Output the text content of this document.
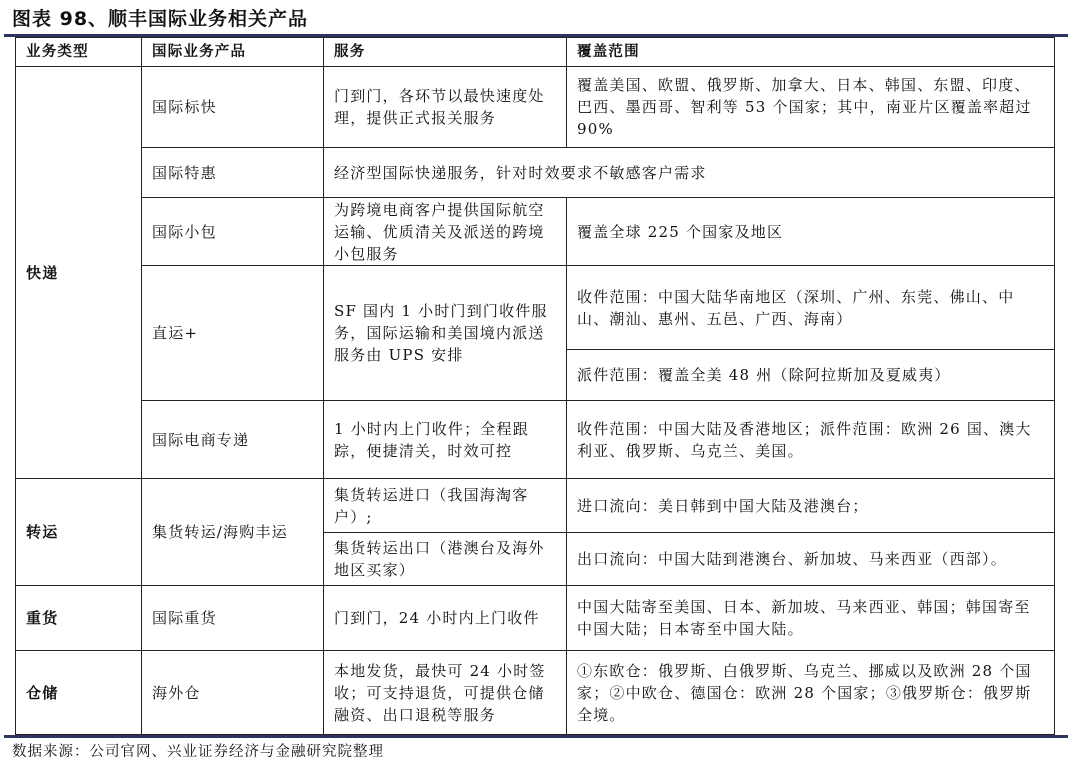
图表 98、顺丰国际业务相关产品
业务类型	国际业务产品	服务	覆盖范围
快递	国际标快	门到门，各环节以最快速度处理，提供正式报关服务	覆盖美国、欧盟、俄罗斯、加拿大、日本、韩国、东盟、印度、巴西、墨西哥、智利等 53 个国家；其中，南亚片区覆盖率超过 90%
	国际特惠	经济型国际快递服务，针对时效要求不敏感客户需求	
	国际小包	为跨境电商客户提供国际航空运输、优质清关及派送的跨境小包服务	覆盖全球 225 个国家及地区
	直运+	SF 国内 1 小时门到门收件服务，国际运输和美国境内派送服务由 UPS 安排	收件范围：中国大陆华南地区（深圳、广州、东莞、佛山、中山、潮汕、惠州、五邑、广西、海南）
			派件范围：覆盖全美 48 州（除阿拉斯加及夏威夷）
	国际电商专递	1 小时内上门收件；全程跟踪，便捷清关，时效可控	收件范围：中国大陆及香港地区；派件范围：欧洲 26 国、澳大利亚、俄罗斯、乌克兰、美国。
转运	集货转运/海购丰运	集货转运进口（我国海淘客户）;	进口流向：美日韩到中国大陆及港澳台；
		集货转运出口（港澳台及海外地区买家）	出口流向：中国大陆到港澳台、新加坡、马来西亚（西部）。
重货	国际重货	门到门，24 小时内上门收件	中国大陆寄至美国、日本、新加坡、马来西亚、韩国；韩国寄至中国大陆；日本寄至中国大陆。
仓储	海外仓	本地发货，最快可 24 小时签收；可支持退货，可提供仓储融资、出口退税等服务	①东欧仓：俄罗斯、白俄罗斯、乌克兰、挪威以及欧洲 28 个国家；②中欧仓、德国仓：欧洲 28 个国家；③俄罗斯仓：俄罗斯全境。
数据来源：公司官网、兴业证券经济与金融研究院整理
